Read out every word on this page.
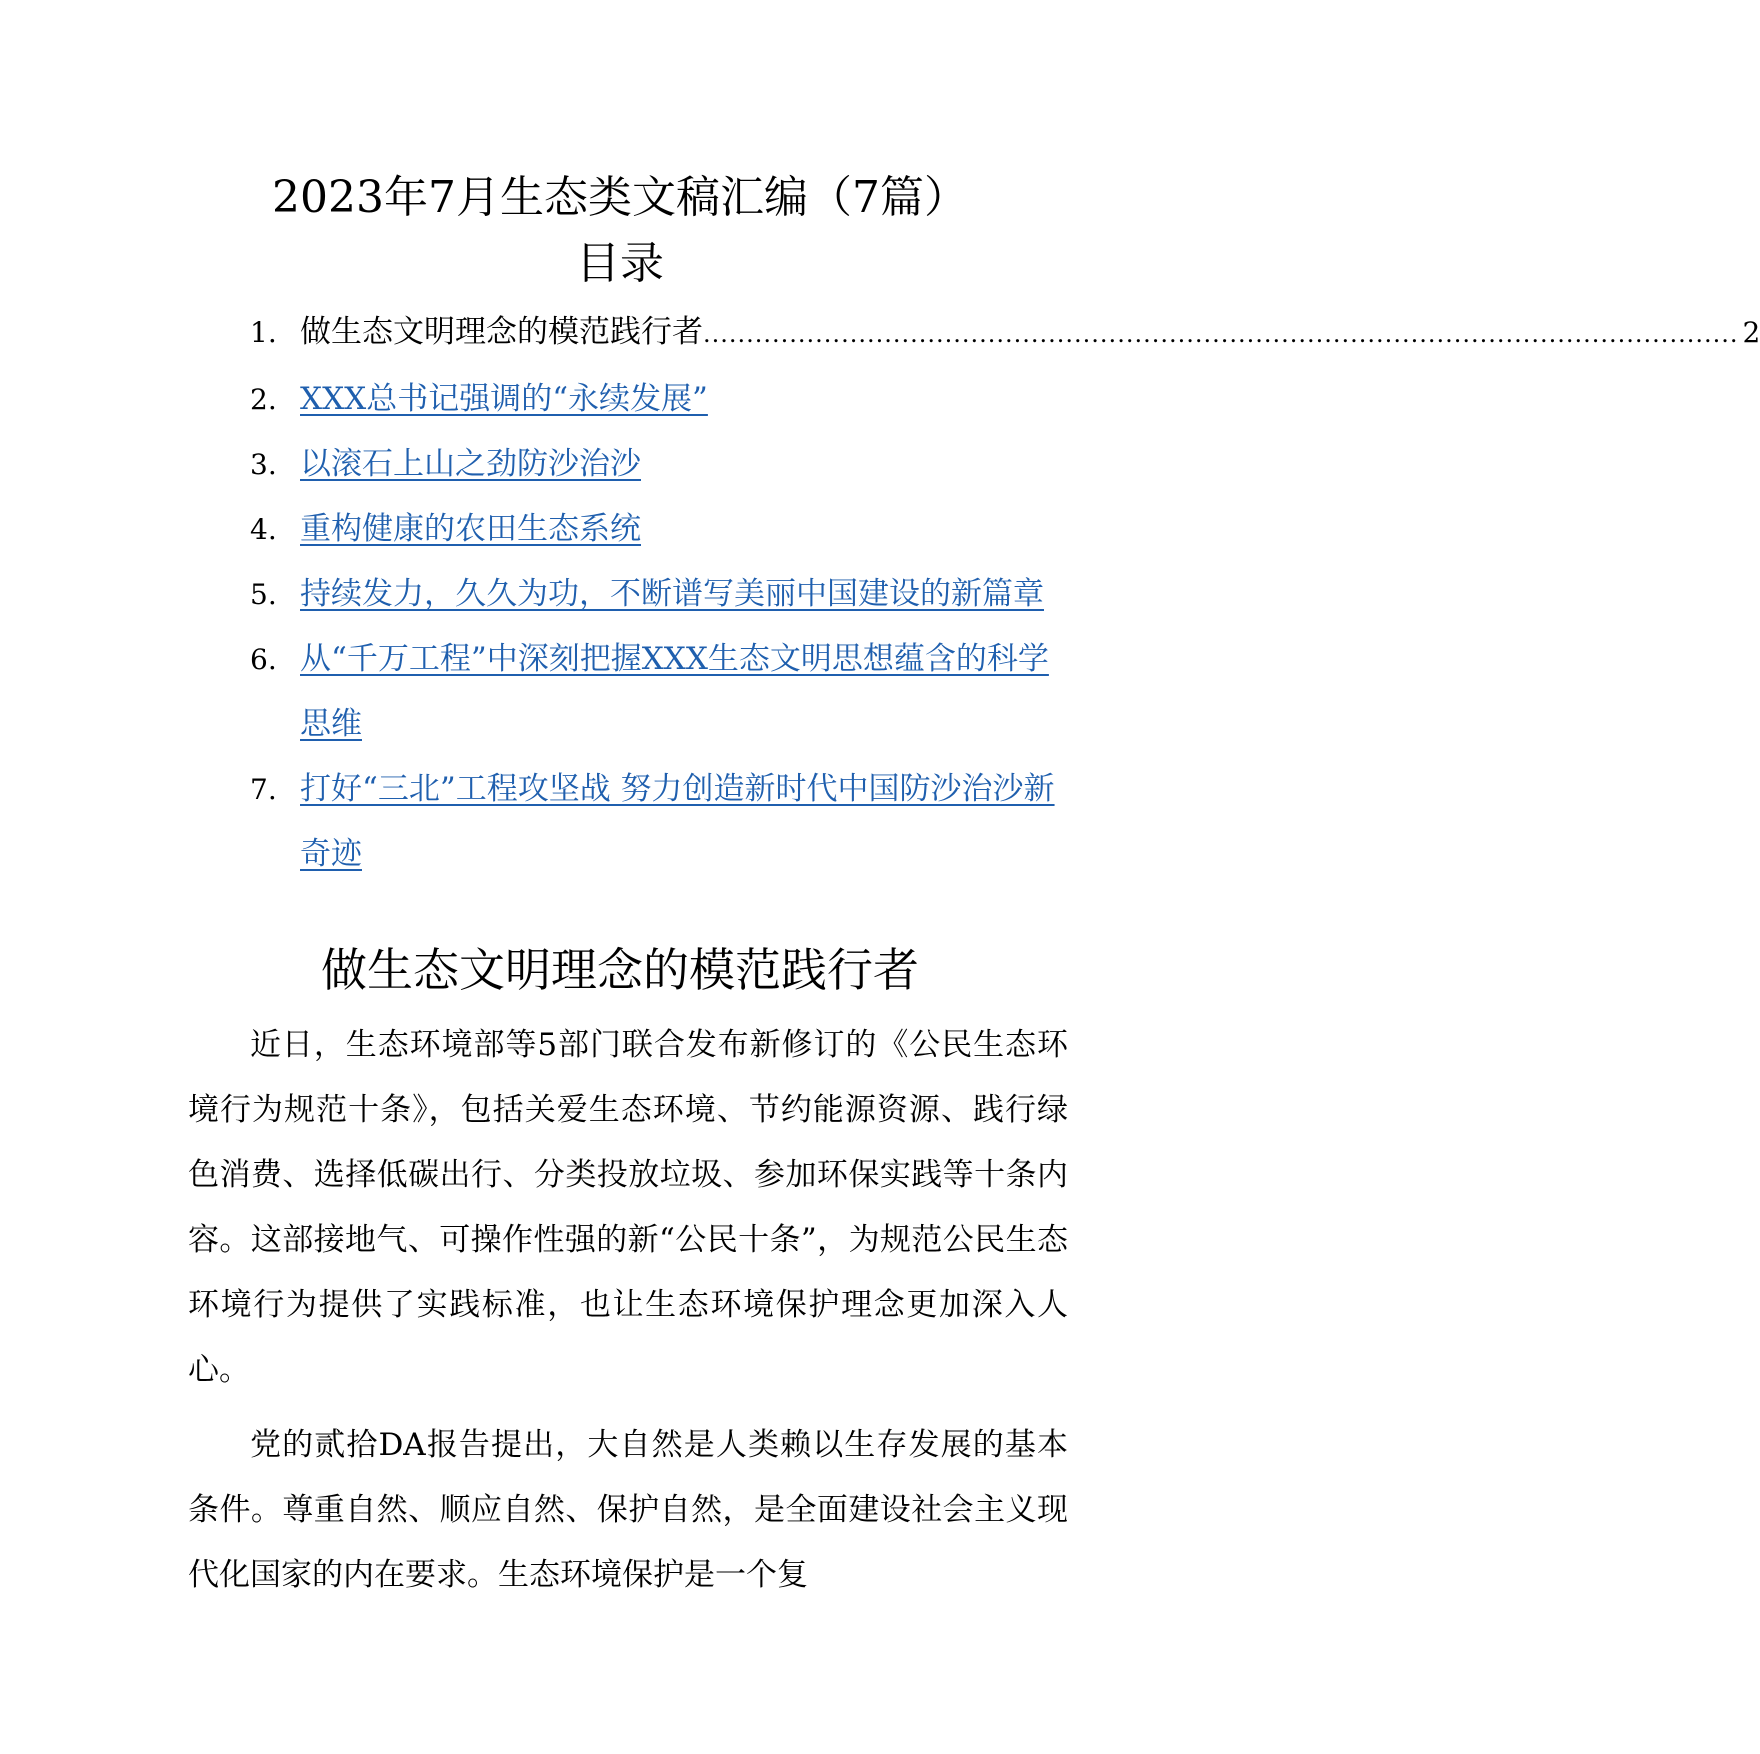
2023年7月生态类文稿汇编（7篇）
目录
1. 做生态文明理念的模范践行者 ........................................................................................................................ 2
2. XXX总书记强调的“永续发展”
3. 以滚石上山之劲防沙治沙
4. 重构健康的农田生态系统
5. 持续发力，久久为功，不断谱写美丽中国建设的新篇章
6. 从“千万工程”中深刻把握XXX生态文明思想蕴含的科学思维
7. 打好“三北”工程攻坚战 努力创造新时代中国防沙治沙新奇迹
做生态文明理念的模范践行者

近日，生态环境部等5部门联合发布新修订的《公民生态环境行为规范十条》，包括关爱生态环境、节约能源资源、践行绿色消费、选择低碳出行、分类投放垃圾、参加环保实践等十条内容。这部接地气、可操作性强的新“公民十条”，为规范公民生态环境行为提供了实践标准，也让生态环境保护理念更加深入人心。

党的贰拾DA报告提出，大自然是人类赖以生存发展的基本条件。尊重自然、顺应自然、保护自然，是全面建设社会主义现代化国家的内在要求。生态环境保护是一个复
